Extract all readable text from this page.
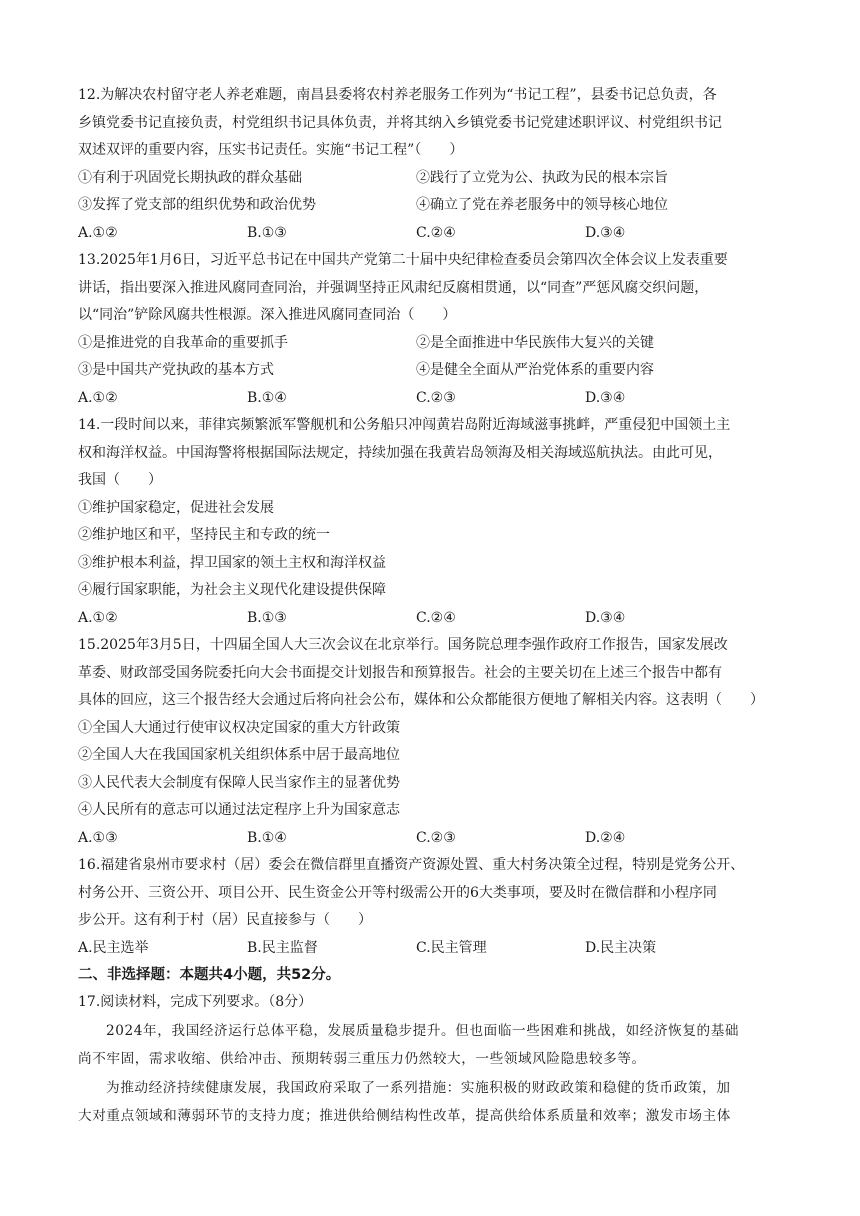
12.为解决农村留守老人养老难题，南昌县委将农村养老服务工作列为“书记工程”，县委书记总负责，各

乡镇党委书记直接负责，村党组织书记具体负责，并将其纳入乡镇党委书记党建述职评议、村党组织书记

双述双评的重要内容，压实书记责任。实施“书记工程”（　　）

①有利于巩固党长期执政的群众基础	②践行了立党为公、执政为民的根本宗旨
③发挥了党支部的组织优势和政治优势	④确立了党在养老服务中的领导核心地位
A.①②	B.①③	C.②④	D.③④

13.2025年1月6日，习近平总书记在中国共产党第二十届中央纪律检查委员会第四次全体会议上发表重要

讲话，指出要深入推进风腐同查同治，并强调坚持正风肃纪反腐相贯通，以“同查”严惩风腐交织问题，

以“同治”铲除风腐共性根源。深入推进风腐同查同治（　　）

①是推进党的自我革命的重要抓手	②是全面推进中华民族伟大复兴的关键
③是中国共产党执政的基本方式	④是健全全面从严治党体系的重要内容
A.①②	B.①④	C.②③	D.③④

14.一段时间以来，菲律宾频繁派军警舰机和公务船只冲闯黄岩岛附近海域滋事挑衅，严重侵犯中国领土主

权和海洋权益。中国海警将根据国际法规定，持续加强在我黄岩岛领海及相关海域巡航执法。由此可见，

我国（　　）

①维护国家稳定，促进社会发展

②维护地区和平，坚持民主和专政的统一

③维护根本利益，捍卫国家的领土主权和海洋权益

④履行国家职能，为社会主义现代化建设提供保障

A.①②	B.①③	C.②④	D.③④

15.2025年3月5日，十四届全国人大三次会议在北京举行。国务院总理李强作政府工作报告，国家发展改

革委、财政部受国务院委托向大会书面提交计划报告和预算报告。社会的主要关切在上述三个报告中都有

具体的回应，这三个报告经大会通过后将向社会公布，媒体和公众都能很方便地了解相关内容。这表明（　　）

①全国人大通过行使审议权决定国家的重大方针政策

②全国人大在我国国家机关组织体系中居于最高地位

③人民代表大会制度有保障人民当家作主的显著优势

④人民所有的意志可以通过法定程序上升为国家意志

A.①③	B.①④	C.②③	D.②④

16.福建省泉州市要求村（居）委会在微信群里直播资产资源处置、重大村务决策全过程，特别是党务公开、

村务公开、三资公开、项目公开、民生资金公开等村级需公开的6大类事项，要及时在微信群和小程序同

步公开。这有利于村（居）民直接参与（　　）

A.民主选举	B.民主监督	C.民主管理	D.民主决策

二、非选择题：本题共4小题，共52分。

17.阅读材料，完成下列要求。（8分）

2024年，我国经济运行总体平稳，发展质量稳步提升。但也面临一些困难和挑战，如经济恢复的基础

尚不牢固，需求收缩、供给冲击、预期转弱三重压力仍然较大，一些领域风险隐患较多等。

为推动经济持续健康发展，我国政府采取了一系列措施：实施积极的财政政策和稳健的货币政策，加

大对重点领域和薄弱环节的支持力度；推进供给侧结构性改革，提高供给体系质量和效率；激发市场主体
